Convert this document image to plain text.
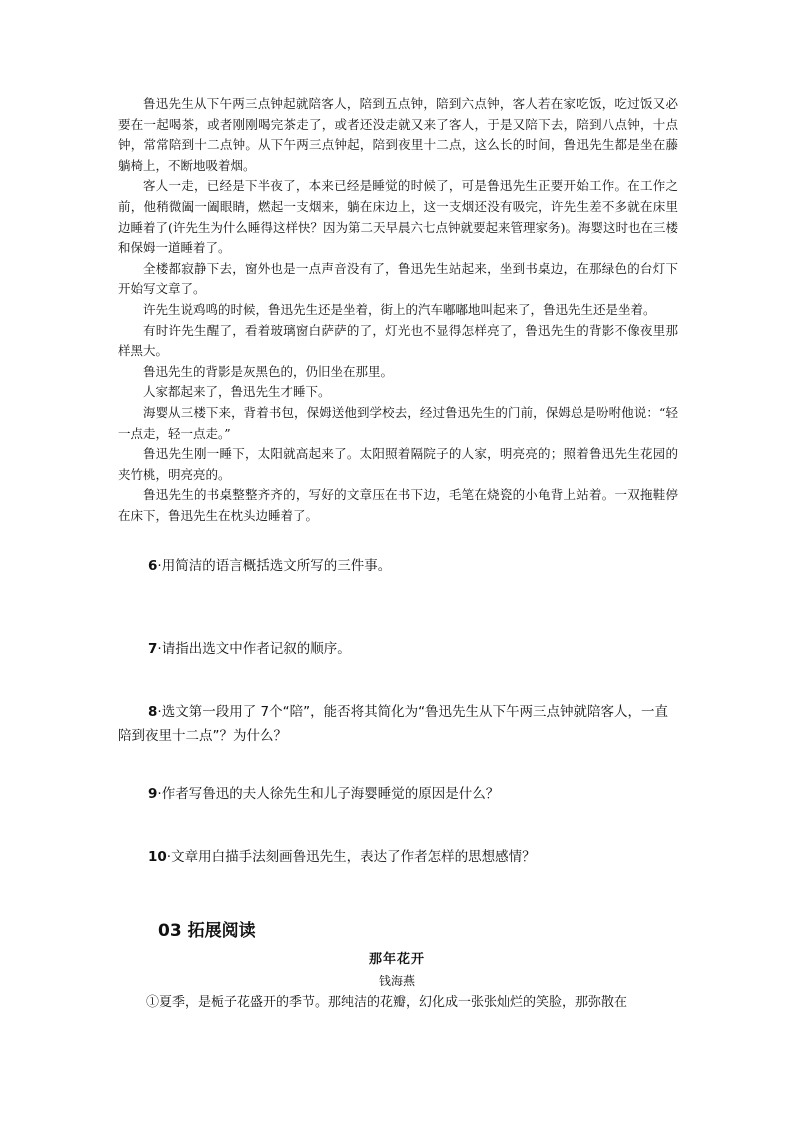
鲁迅先生从下午两三点钟起就陪客人，陪到五点钟，陪到六点钟，客人若在家吃饭，吃过饭又必要在一起喝茶，或者刚刚喝完茶走了，或者还没走就又来了客人，于是又陪下去，陪到八点钟，十点钟，常常陪到十二点钟。从下午两三点钟起，陪到夜里十二点，这么长的时间，鲁迅先生都是坐在藤躺椅上，不断地吸着烟。

客人一走，已经是下半夜了，本来已经是睡觉的时候了，可是鲁迅先生正要开始工作。在工作之前，他稍微阖一阖眼睛，燃起一支烟来，躺在床边上，这一支烟还没有吸完，许先生差不多就在床里边睡着了(许先生为什么睡得这样快？因为第二天早晨六七点钟就要起来管理家务)。海婴这时也在三楼和保姆一道睡着了。

全楼都寂静下去，窗外也是一点声音没有了，鲁迅先生站起来，坐到书桌边，在那绿色的台灯下开始写文章了。

许先生说鸡鸣的时候，鲁迅先生还是坐着，街上的汽车嘟嘟地叫起来了，鲁迅先生还是坐着。

有时许先生醒了，看着玻璃窗白萨萨的了，灯光也不显得怎样亮了，鲁迅先生的背影不像夜里那样黑大。

鲁迅先生的背影是灰黑色的，仍旧坐在那里。

人家都起来了，鲁迅先生才睡下。

海婴从三楼下来，背着书包，保姆送他到学校去，经过鲁迅先生的门前，保姆总是吩咐他说：“轻一点走，轻一点走。”

鲁迅先生刚一睡下，太阳就高起来了。太阳照着隔院子的人家，明亮亮的；照着鲁迅先生花园的夹竹桃，明亮亮的。

鲁迅先生的书桌整整齐齐的，写好的文章压在书下边，毛笔在烧瓷的小龟背上站着。一双拖鞋停在床下，鲁迅先生在枕头边睡着了。

6·用简洁的语言概括选文所写的三件事。
7·请指出选文中作者记叙的顺序。
8·选文第一段用了 7个“陪”，能否将其简化为“鲁迅先生从下午两三点钟就陪客人，一直陪到夜里十二点”？为什么？
9·作者写鲁迅的夫人徐先生和儿子海婴睡觉的原因是什么？
10·文章用白描手法刻画鲁迅先生，表达了作者怎样的思想感情？
03 拓展阅读
那年花开
钱海燕
①夏季，是栀子花盛开的季节。那纯洁的花瓣，幻化成一张张灿烂的笑脸，那弥散在
